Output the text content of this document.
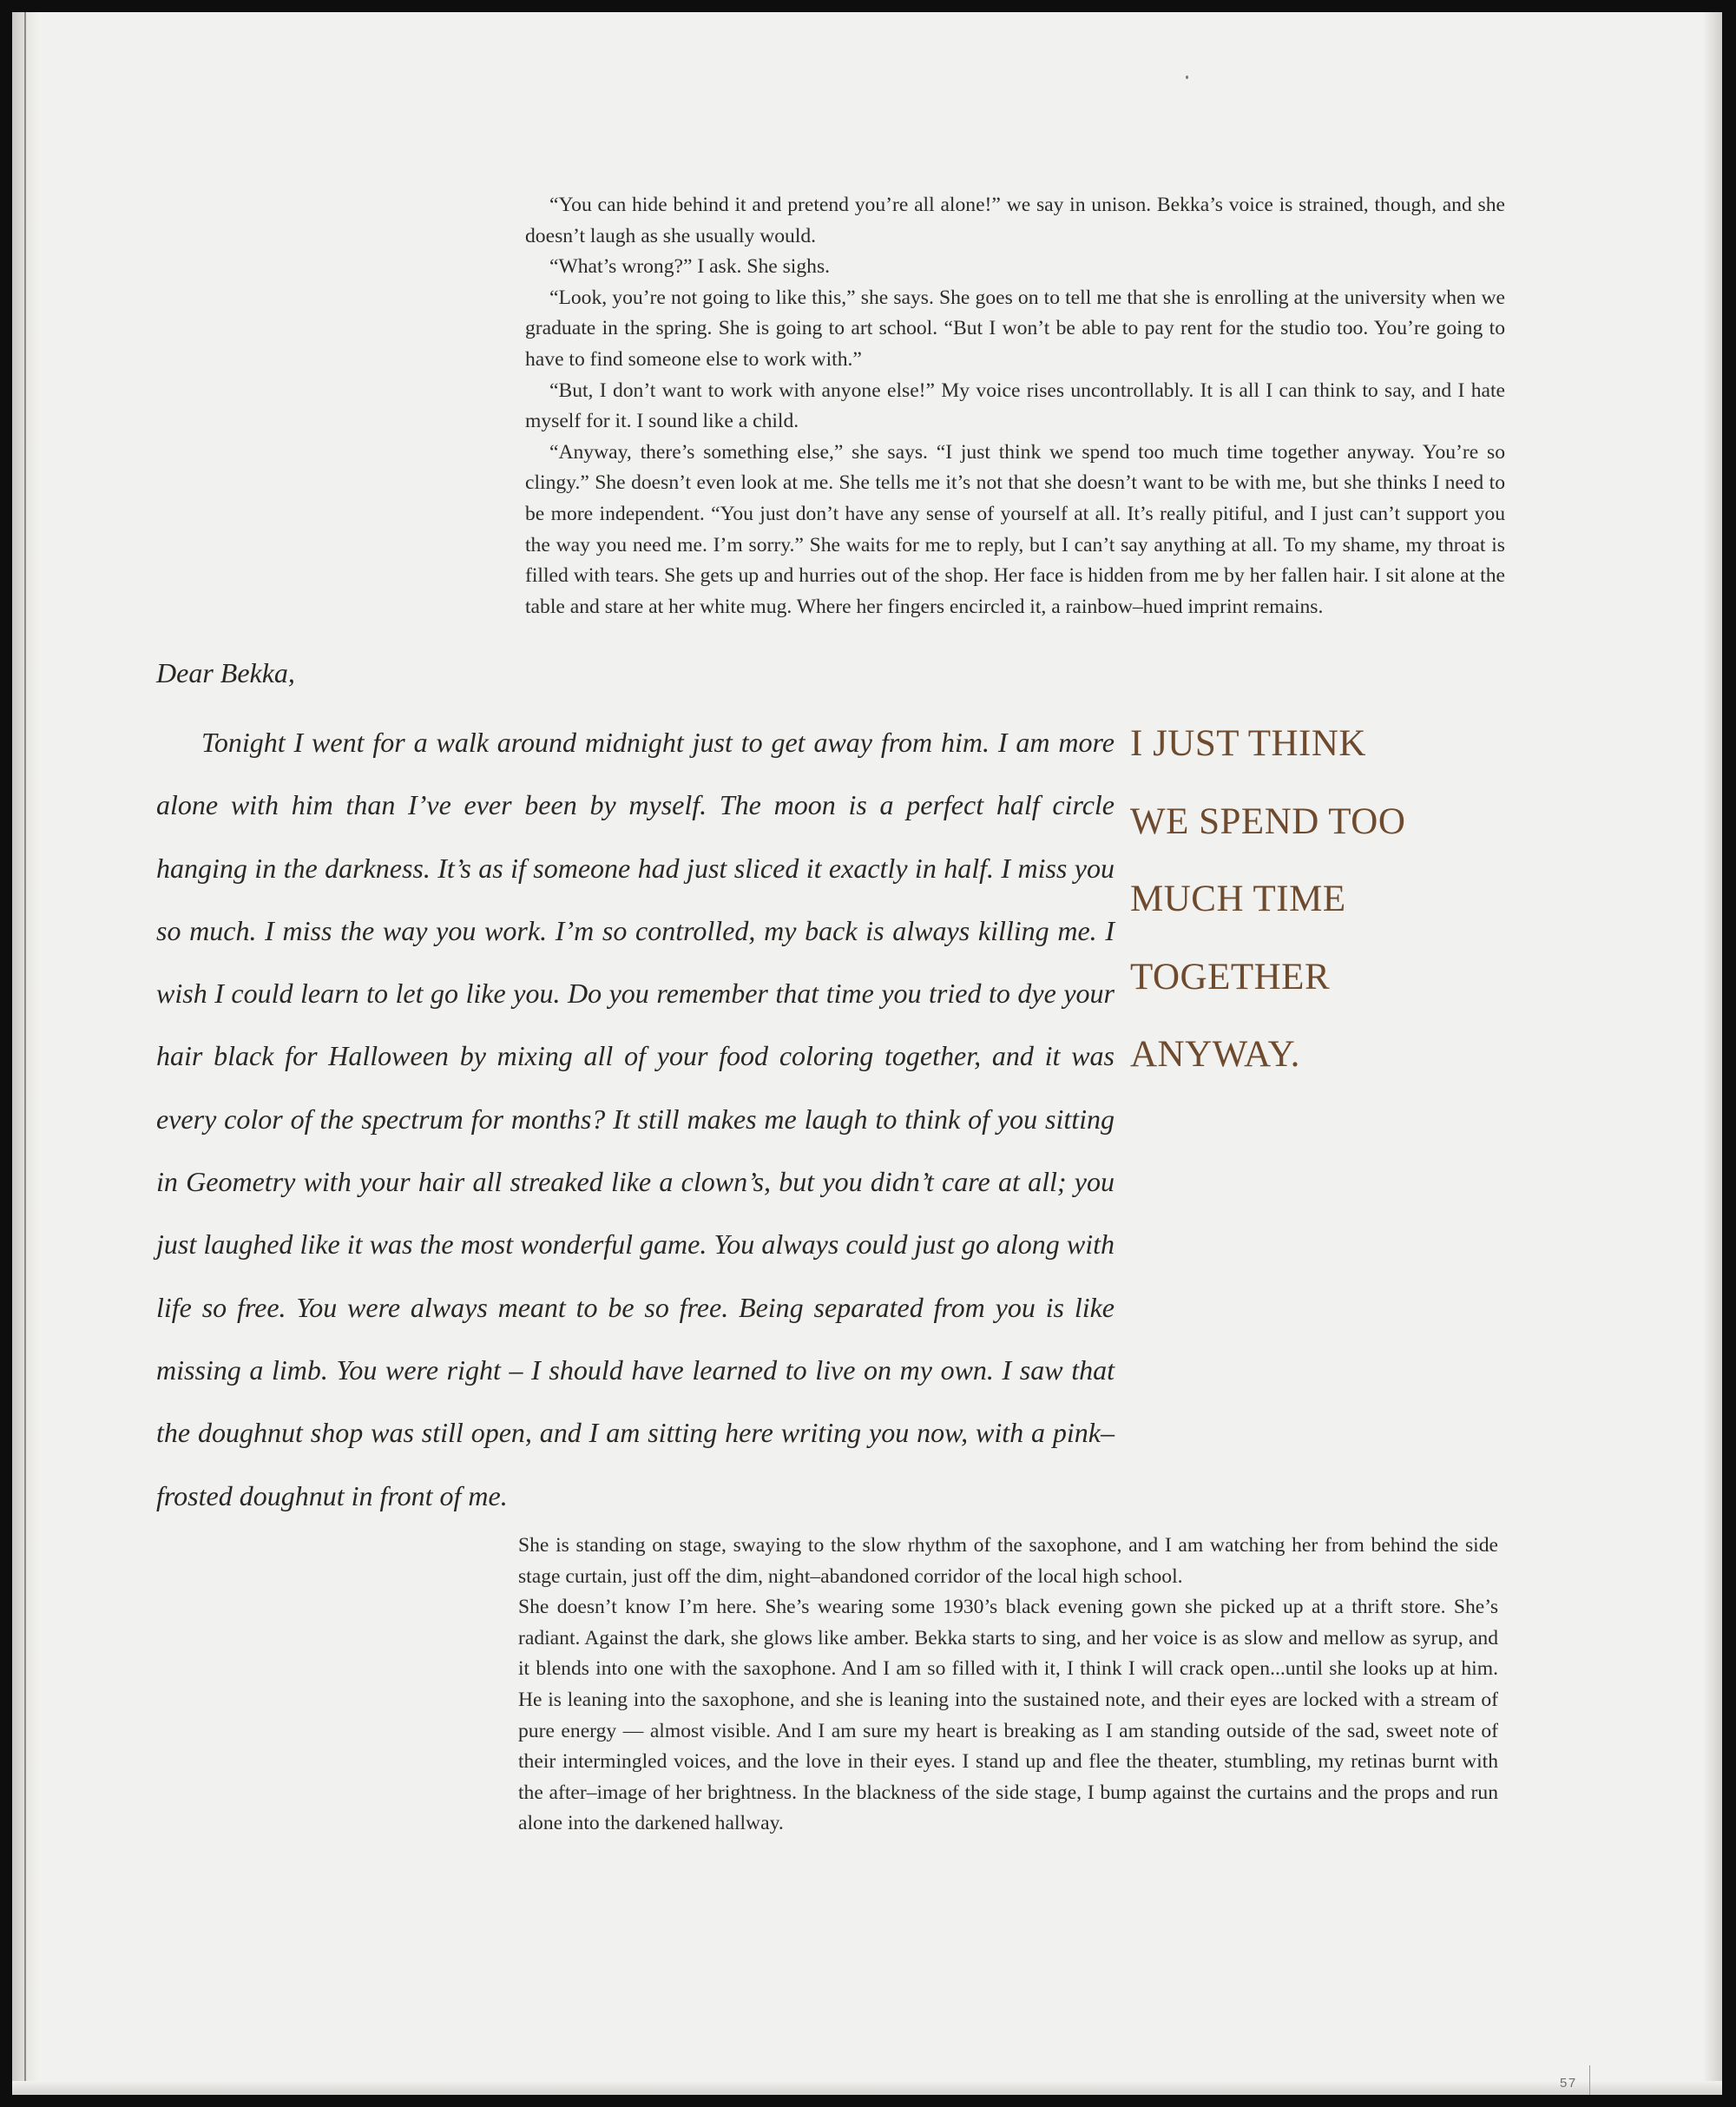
“You can hide behind it and pretend you’re all alone!” we say in unison. Bekka’s voice is strained, though, and she doesn’t laugh as she usually would.

“What’s wrong?” I ask. She sighs.

“Look, you’re not going to like this,” she says. She goes on to tell me that she is enrolling at the university when we graduate in the spring. She is going to art school. “But I won’t be able to pay rent for the studio too. You’re going to have to find someone else to work with.”

“But, I don’t want to work with anyone else!” My voice rises uncontrollably. It is all I can think to say, and I hate myself for it. I sound like a child.

“Anyway, there’s something else,” she says. “I just think we spend too much time together anyway. You’re so clingy.” She doesn’t even look at me. She tells me it’s not that she doesn’t want to be with me, but she thinks I need to be more independent. “You just don’t have any sense of yourself at all. It’s really pitiful, and I just can’t support you the way you need me. I’m sorry.” She waits for me to reply, but I can’t say anything at all. To my shame, my throat is filled with tears. She gets up and hurries out of the shop. Her face is hidden from me by her fallen hair. I sit alone at the table and stare at her white mug. Where her fingers encircled it, a rainbow–hued imprint remains.

Dear Bekka,

Tonight I went for a walk around midnight just to get away from him. I am more alone with him than I’ve ever been by myself. The moon is a perfect half circle hanging in the darkness. It’s as if someone had just sliced it exactly in half. I miss you so much. I miss the way you work. I’m so controlled, my back is always killing me. I wish I could learn to let go like you. Do you remember that time you tried to dye your hair black for Halloween by mixing all of your food coloring together, and it was every color of the spectrum for months? It still makes me laugh to think of you sitting in Geometry with your hair all streaked like a clown’s, but you didn’t care at all; you just laughed like it was the most wonderful game. You always could just go along with life so free. You were always meant to be so free. Being separated from you is like missing a limb. You were right – I should have learned to live on my own. I saw that the doughnut shop was still open, and I am sitting here writing you now, with a pink–frosted doughnut in front of me.

I JUST THINK
WE SPEND TOO
MUCH TIME
TOGETHER
ANYWAY.

She is standing on stage, swaying to the slow rhythm of the saxophone, and I am watching her from behind the side stage curtain, just off the dim, night–abandoned corridor of the local high school.

She doesn’t know I’m here. She’s wearing some 1930’s black evening gown she picked up at a thrift store. She’s radiant. Against the dark, she glows like amber. Bekka starts to sing, and her voice is as slow and mellow as syrup, and it blends into one with the saxophone. And I am so filled with it, I think I will crack open...until she looks up at him. He is leaning into the saxophone, and she is leaning into the sustained note, and their eyes are locked with a stream of pure energy — almost visible. And I am sure my heart is breaking as I am standing outside of the sad, sweet note of their intermingled voices, and the love in their eyes. I stand up and flee the theater, stumbling, my retinas burnt with the after–image of her brightness. In the blackness of the side stage, I bump against the curtains and the props and run alone into the darkened hallway.

57
